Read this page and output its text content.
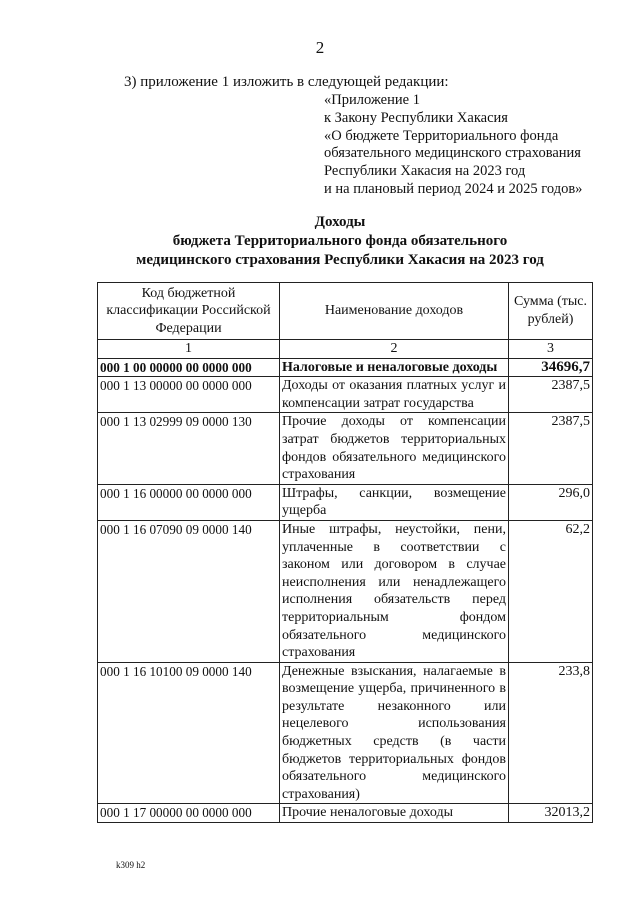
2
3) приложение 1 изложить в следующей редакции:
«Приложение 1
к Закону Республики Хакасия
«О бюджете Территориального фонда
обязательного медицинского страхования
Республики Хакасия на 2023 год
и на плановый период 2024 и 2025 годов»
Доходы
бюджета Территориального фонда обязательного
медицинского страхования Республики Хакасия на 2023 год
Код бюджетной классификации Российской Федерации	Наименование доходов	Сумма (тыс. рублей)
1	2	3
000 1 00 00000 00 0000 000	Налоговые и неналоговые доходы	34696,7
000 1 13 00000 00 0000 000	Доходы от оказания платных услуг и компенсации затрат государства	2387,5
000 1 13 02999 09 0000 130	Прочие доходы от компенсации затрат бюджетов территориальных фондов обязательного медицинского страхования	2387,5
000 1 16 00000 00 0000 000	Штрафы, санкции, возмещение ущерба	296,0
000 1 16 07090 09 0000 140	Иные штрафы, неустойки, пени, уплаченные в соответствии с законом или договором в случае неисполнения или ненадлежащего исполнения обязательств перед территориальным фондом обязательного медицинского страхования	62,2
000 1 16 10100 09 0000 140	Денежные взыскания, налагаемые в возмещение ущерба, причиненного в результате незаконного или нецелевого использования бюджетных средств (в части бюджетов территориальных фондов обязательного медицинского страхования)	233,8
000 1 17 00000 00 0000 000	Прочие неналоговые доходы	32013,2
k309 h2
